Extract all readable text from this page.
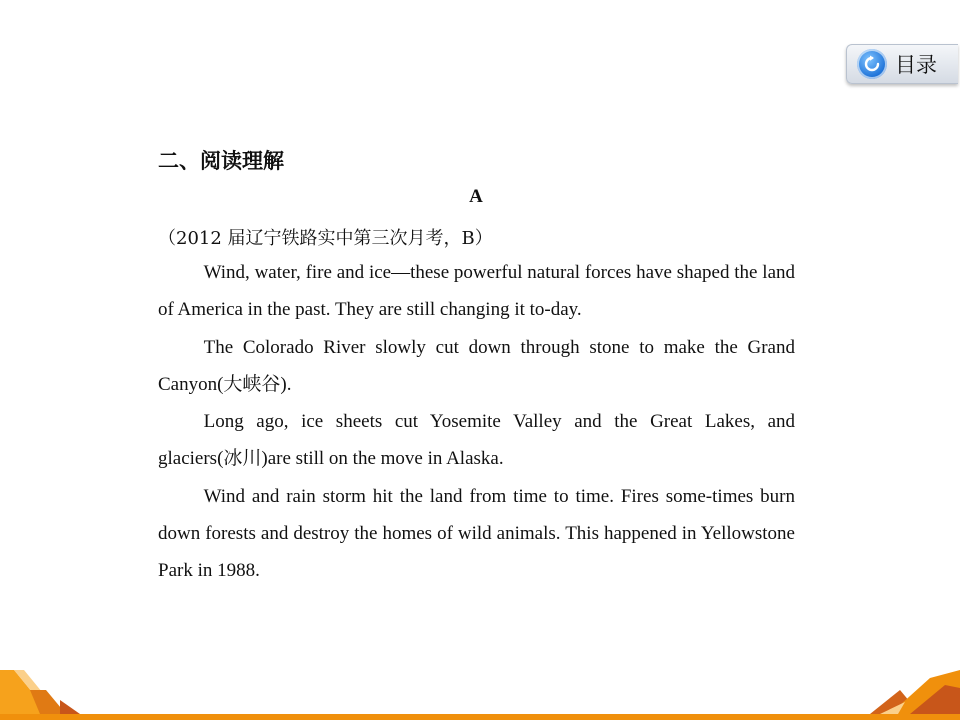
目录
二、阅读理解
A
（2012 届辽宁铁路实中第三次月考，B）

Wind, water, fire and ice—these powerful natural forces have shaped the land of America in the past. They are still changing it to-day.

The Colorado River slowly cut down through stone to make the Grand Canyon(大峡谷).

Long ago, ice sheets cut Yosemite Valley and the Great Lakes, and glaciers(冰川)are still on the move in Alaska.

Wind and rain storm hit the land from time to time. Fires some-times burn down forests and destroy the homes of wild animals. This happened in Yellowstone Park in 1988.
